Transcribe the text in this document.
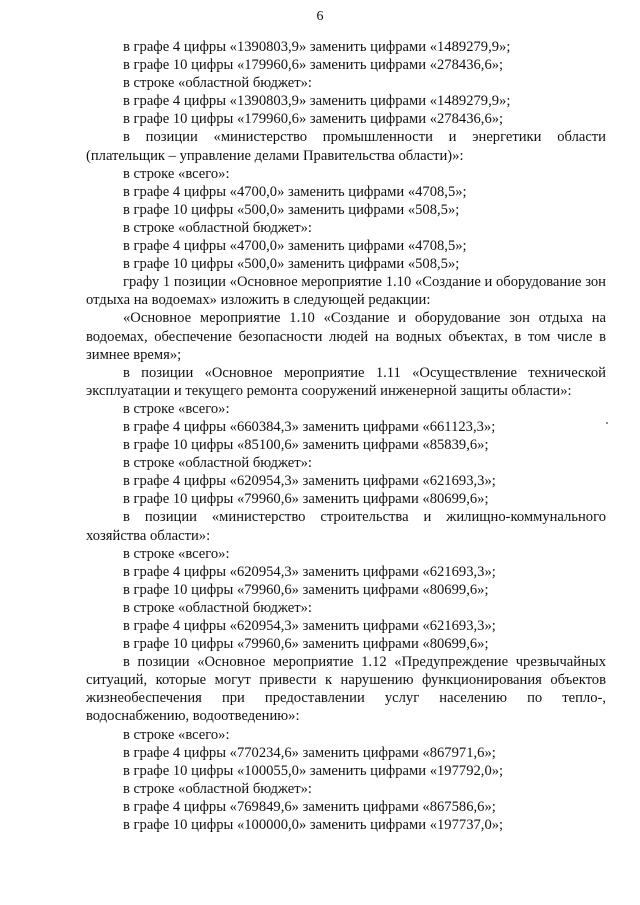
6

в графе 4 цифры «1390803,9» заменить цифрами «1489279,9»;

в графе 10 цифры «179960,6» заменить цифрами «278436,6»;

в строке «областной бюджет»:

в графе 4 цифры «1390803,9» заменить цифрами «1489279,9»;

в графе 10 цифры «179960,6» заменить цифрами «278436,6»;

в позиции «министерство промышленности и энергетики области (плательщик – управление делами Правительства области)»:

в строке «всего»:

в графе 4 цифры «4700,0» заменить цифрами «4708,5»;

в графе 10 цифры «500,0» заменить цифрами «508,5»;

в строке «областной бюджет»:

в графе 4 цифры «4700,0» заменить цифрами «4708,5»;

в графе 10 цифры «500,0» заменить цифрами «508,5»;

графу 1 позиции «Основное мероприятие 1.10 «Создание и оборудование зон отдыха на водоемах» изложить в следующей редакции:

«Основное мероприятие 1.10 «Создание и оборудование зон отдыха на водоемах, обеспечение безопасности людей на водных объектах, в том числе в зимнее время»;

в позиции «Основное мероприятие 1.11 «Осуществление технической эксплуатации и текущего ремонта сооружений инженерной защиты области»:

в строке «всего»:

в графе 4 цифры «660384,3» заменить цифрами «661123,3»;

в графе 10 цифры «85100,6» заменить цифрами «85839,6»;

в строке «областной бюджет»:

в графе 4 цифры «620954,3» заменить цифрами «621693,3»;

в графе 10 цифры «79960,6» заменить цифрами «80699,6»;

в позиции «министерство строительства и жилищно-коммунального хозяйства области»:

в строке «всего»:

в графе 4 цифры «620954,3» заменить цифрами «621693,3»;

в графе 10 цифры «79960,6» заменить цифрами «80699,6»;

в строке «областной бюджет»:

в графе 4 цифры «620954,3» заменить цифрами «621693,3»;

в графе 10 цифры «79960,6» заменить цифрами «80699,6»;

в позиции «Основное мероприятие 1.12 «Предупреждение чрезвычайных ситуаций, которые могут привести к нарушению функционирования объектов жизнеобеспечения при предоставлении услуг населению по тепло-, водоснабжению, водоотведению»:

в строке «всего»:

в графе 4 цифры «770234,6» заменить цифрами «867971,6»;

в графе 10 цифры «100055,0» заменить цифрами «197792,0»;

в строке «областной бюджет»:

в графе 4 цифры «769849,6» заменить цифрами «867586,6»;

в графе 10 цифры «100000,0» заменить цифрами «197737,0»;
